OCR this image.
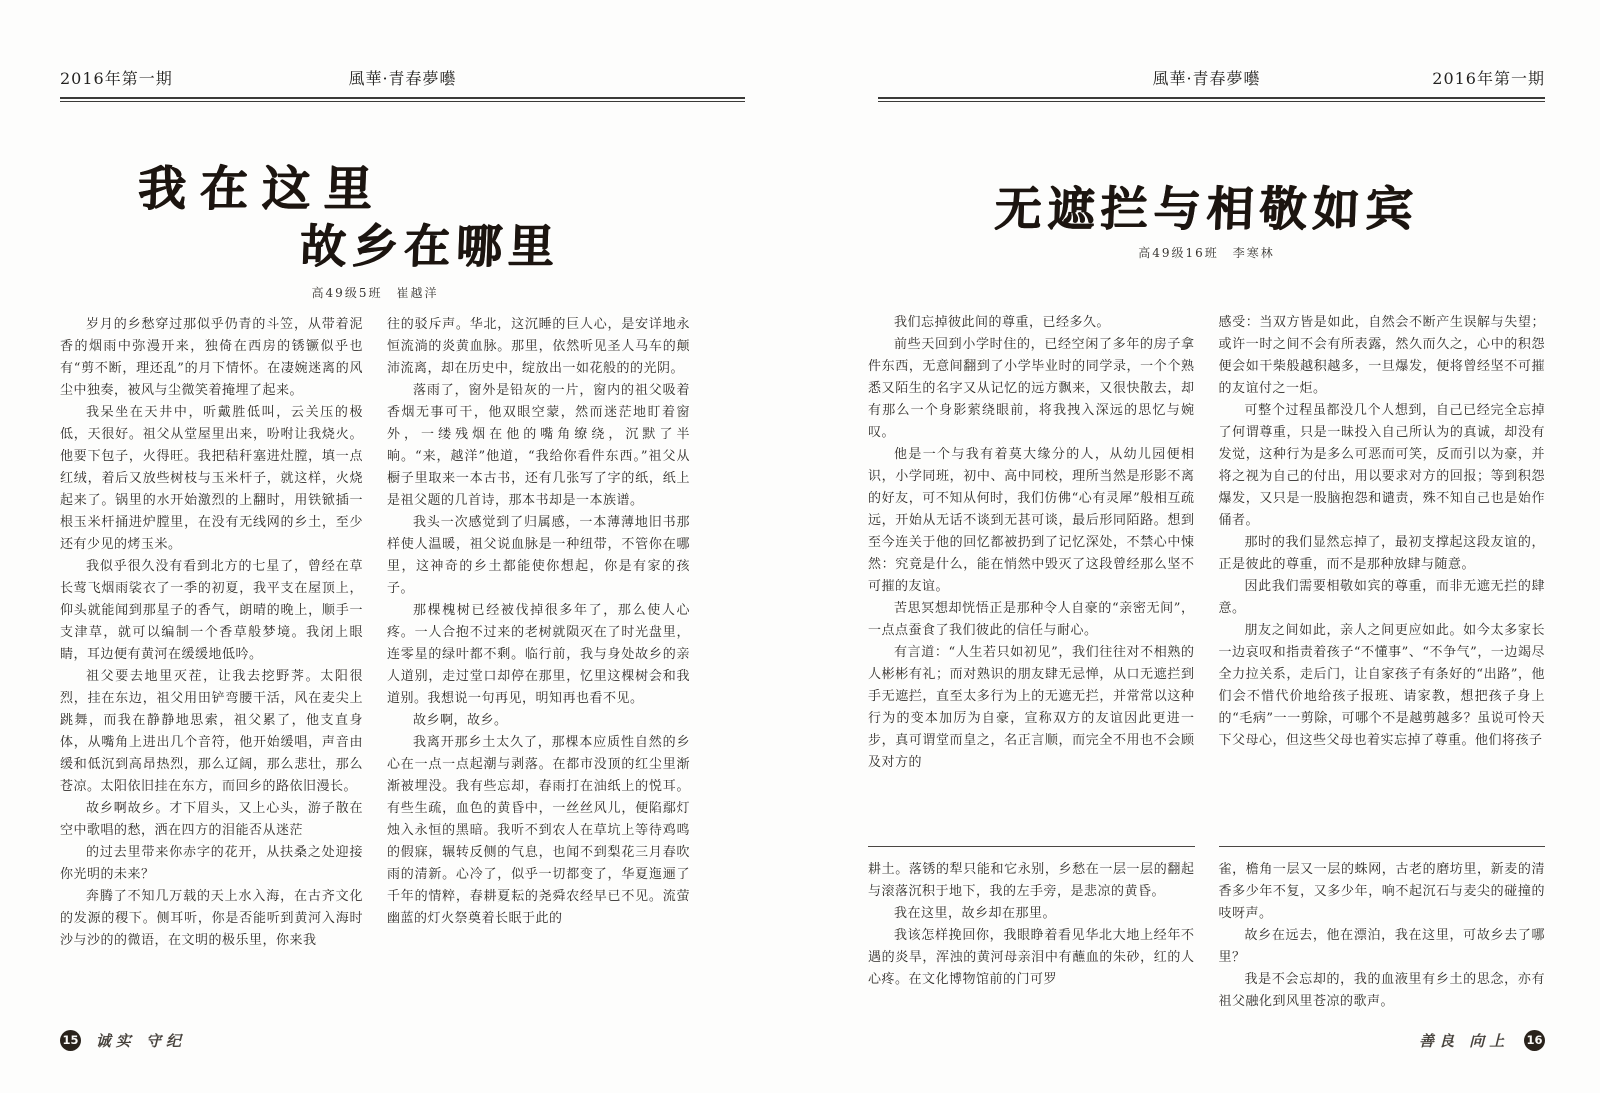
2016年第一期	風華·青春夢囈	風華·青春夢囈	2016年第一期
我在这里
故乡在哪里
高49级5班　崔越洋

岁月的乡愁穿过那似乎仍青的斗笠，从带着泥香的烟雨中弥漫开来，独倚在西房的锈镢似乎也有“剪不断，理还乱”的月下情怀。在凄婉迷离的风尘中独奏，被风与尘微笑着掩埋了起来。

我呆坐在天井中，听戴胜低叫，云关压的极低，天很好。祖父从堂屋里出来，吩咐让我烧火。他要下包子，火得旺。我把秸秆塞进灶膛，填一点红绒，着后又放些树枝与玉米杆子，就这样，火烧起来了。锅里的水开始激烈的上翻时，用铁锨插一根玉米杆捅进炉膛里，在没有无线网的乡土，至少还有少见的烤玉米。

我似乎很久没有看到北方的七星了，曾经在草长莺飞烟雨裟衣了一季的初夏，我平支在屋顶上，仰头就能闻到那星子的香气，朗晴的晚上，顺手一支津草，就可以编制一个香草般梦境。我闭上眼睛，耳边便有黄河在缓缓地低吟。

祖父要去地里灭茬，让我去挖野荠。太阳很烈，挂在东边，祖父用田铲弯腰干活，风在麦尖上跳舞，而我在静静地思索，祖父累了，他支直身体，从嘴角上进出几个音符，他开始缓唱，声音由缓和低沉到高昂热烈，那么辽阔，那么悲壮，那么苍凉。太阳依旧挂在东方，而回乡的路依旧漫长。

故乡啊故乡。才下眉头，又上心头，游子散在空中歌唱的愁，洒在四方的泪能否从迷茫

的过去里带来你赤字的花开，从扶桑之处迎接你光明的未来？

奔腾了不知几万载的天上水入海，在古齐文化的发源的稷下。侧耳听，你是否能听到黄河入海时沙与沙的的微语，在文明的极乐里，你来我

往的驳斥声。华北，这沉睡的巨人心，是安详地永恒流淌的炎黄血脉。那里，依然听见圣人马车的颠沛流离，却在历史中，绽放出一如花般的的光阴。

落雨了，窗外是铅灰的一片，窗内的祖父吸着香烟无事可干，他双眼空蒙，然而迷茫地盯着窗外，一缕残烟在他的嘴角缭绕，沉默了半晌。“来，越洋”他道，“我给你看件东西。”祖父从橱子里取来一本古书，还有几张写了字的纸，纸上是祖父题的几首诗，那本书却是一本族谱。

我头一次感觉到了归属感，一本薄薄地旧书那样使人温暖，祖父说血脉是一种纽带，不管你在哪里，这神奇的乡土都能使你想起，你是有家的孩子。

那棵槐树已经被伐掉很多年了，那么使人心疼。一人合抱不过来的老树就陨灭在了时光盘里，连零星的绿叶都不剩。临行前，我与身处故乡的亲人道别，走过堂口却停在那里，忆里这棵树会和我道别。我想说一句再见，明知再也看不见。

故乡啊，故乡。

我离开那乡土太久了，那棵本应质性自然的乡心在一点一点起潮与剥落。在都市没顶的红尘里渐渐被埋没。我有些忘却，春雨打在油纸上的悦耳。有些生疏，血色的黄昏中，一丝丝风儿，便陷鄢灯烛入永恒的黑暗。我听不到农人在草坑上等待鸡鸣的假寐，辗转反侧的气息，也闻不到梨花三月春吹雨的清新。心冷了，似乎一切都变了，华夏迤逦了千年的情粹，春耕夏耘的尧舜农经早已不见。流萤幽蓝的灯火祭奠着长眠于此的

无遮拦与相敬如宾
高49级16班　李寒林

我们忘掉彼此间的尊重，已经多久。

前些天回到小学时住的，已经空闲了多年的房子拿件东西，无意间翻到了小学毕业时的同学录，一个个熟悉又陌生的名字又从记忆的远方飘来，又很快散去，却有那么一个身影萦绕眼前，将我拽入深远的思忆与婉叹。

他是一个与我有着莫大缘分的人，从幼儿园便相识，小学同班，初中、高中同校，理所当然是形影不离的好友，可不知从何时，我们仿佛“心有灵犀”般相互疏远，开始从无话不谈到无甚可谈，最后形同陌路。想到至今连关于他的回忆都被扔到了记忆深处，不禁心中悚然：究竟是什么，能在悄然中毁灭了这段曾经那么坚不可摧的友谊。

苦思冥想却恍悟正是那种令人自豪的“亲密无间”，一点点蚕食了我们彼此的信任与耐心。

有言道：“人生若只如初见”，我们往往对不相熟的人彬彬有礼；而对熟识的朋友肆无忌惮，从口无遮拦到手无遮拦，直至太多行为上的无遮无拦，并常常以这种行为的变本加厉为自豪，宣称双方的友谊因此更进一步，真可谓堂而皇之，名正言顺，而完全不用也不会顾及对方的

耕土。落锈的犁只能和它永别，乡愁在一层一层的翻起与滚落沉积于地下，我的左手旁，是悲凉的黄昏。

我在这里，故乡却在那里。

我该怎样挽回你，我眼睁着看见华北大地上经年不遇的炎旱，浑浊的黄河母亲泪中有蘸血的朱砂，红的人心疼。在文化博物馆前的门可罗

感受：当双方皆是如此，自然会不断产生误解与失望；或许一时之间不会有所表露，然久而久之，心中的积怨便会如干柴般越积越多，一旦爆发，便将曾经坚不可摧的友谊付之一炬。

可整个过程虽都没几个人想到，自己已经完全忘掉了何谓尊重，只是一昧投入自己所认为的真诚，却没有发觉，这种行为是多么可恶而可笑，反而引以为豪，并将之视为自己的付出，用以要求对方的回报；等到积怨爆发，又只是一股脑抱怨和谴责，殊不知自己也是始作俑者。

那时的我们显然忘掉了，最初支撑起这段友谊的，正是彼此的尊重，而不是那种放肆与随意。

因此我们需要相敬如宾的尊重，而非无遮无拦的肆意。

朋友之间如此，亲人之间更应如此。如今太多家长一边哀叹和指责着孩子“不懂事”、“不争气”，一边竭尽全力拉关系，走后门，让自家孩子有条好的“出路”，他们会不惜代价地给孩子报班、请家教，想把孩子身上的“毛病”一一剪除，可哪个不是越剪越多？虽说可怜天下父母心，但这些父母也着实忘掉了尊重。他们将孩子

雀，檐角一层又一层的蛛网，古老的磨坊里，新麦的清香多少年不复，又多少年，响不起沉石与麦尖的碰撞的吱呀声。

故乡在远去，他在漂泊，我在这里，可故乡去了哪里？

我是不会忘却的，我的血液里有乡土的思念，亦有祖父融化到风里苍凉的歌声。

15 诚实 守纪	善良 向上 16
